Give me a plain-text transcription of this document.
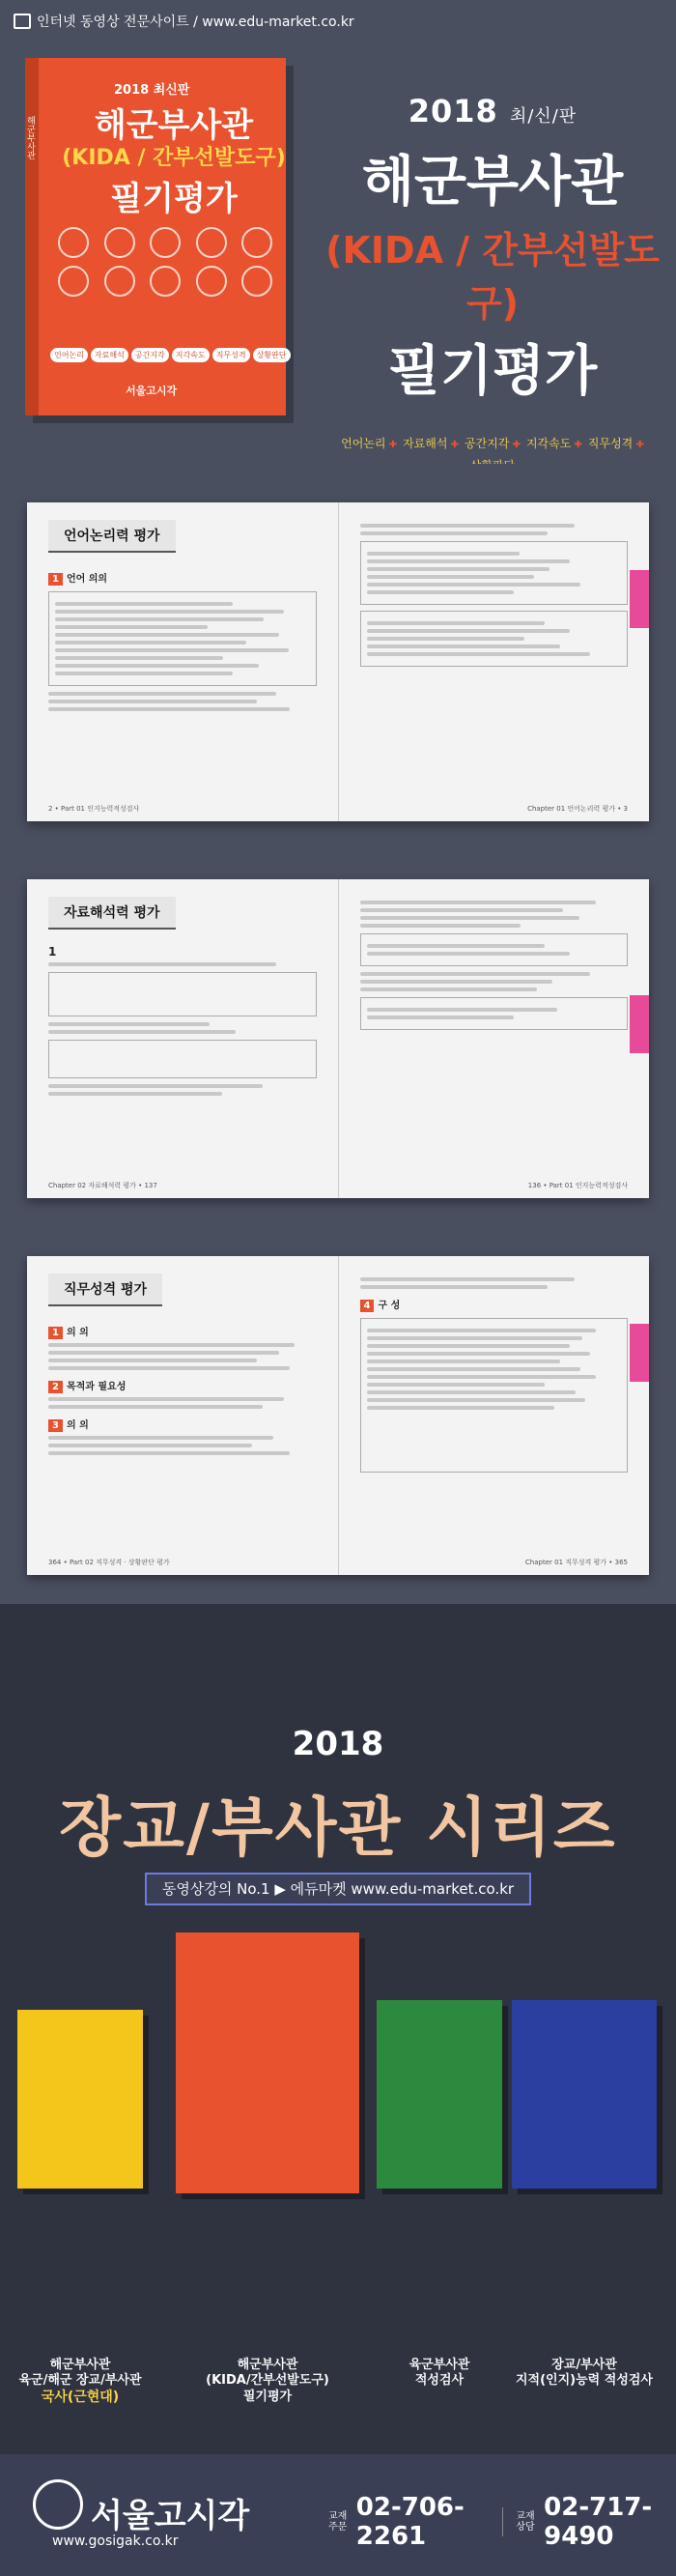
인터넷 동영상 전문사이트 / www.edu-market.co.kr
해군부사관
2018 최신판
해군부사관
(KIDA / 간부선발도구)
필기평가
언어논리	자료해석	공간지각	지각속도	직무성격	상황판단
서울고시각
2018 최/신/판
해군부사관
(KIDA / 간부선발도구)
필기평가
언어논리 ✚	자료해석 ✚	공간지각 ✚	지각속도 ✚	직무성격 ✚
언어논리력 평가
1 언어 의의
2 • Part 01 인지능력적성검사	Chapter 01 언어논리력 평가 • 3
자료해석력 평가
1
Chapter 02 자료해석력 평가 • 137	136 • Part 01 인지능력적성검사
직무성격 평가
1 의 의
2 목적과 필요성
3 의 의
364 • Part 02 직무성격 · 상황판단 평가
4 구 성
Chapter 01 직무성격 평가 • 365
2018
장교/부사관 시리즈
동영상강의 No.1 ▶ 에듀마켓 www.edu-market.co.kr
해군부사관
육군/해군 장교/부사관
국사(근현대)
해군부사관
(KIDA/간부선발도구)
필기평가
육군부사관
적성검사
장교/부사관
지적(인지)능력 적성검사
서울고시각
www.gosigak.co.kr
교재 주문
02-706-2261
교재 상담
02-717-9490
